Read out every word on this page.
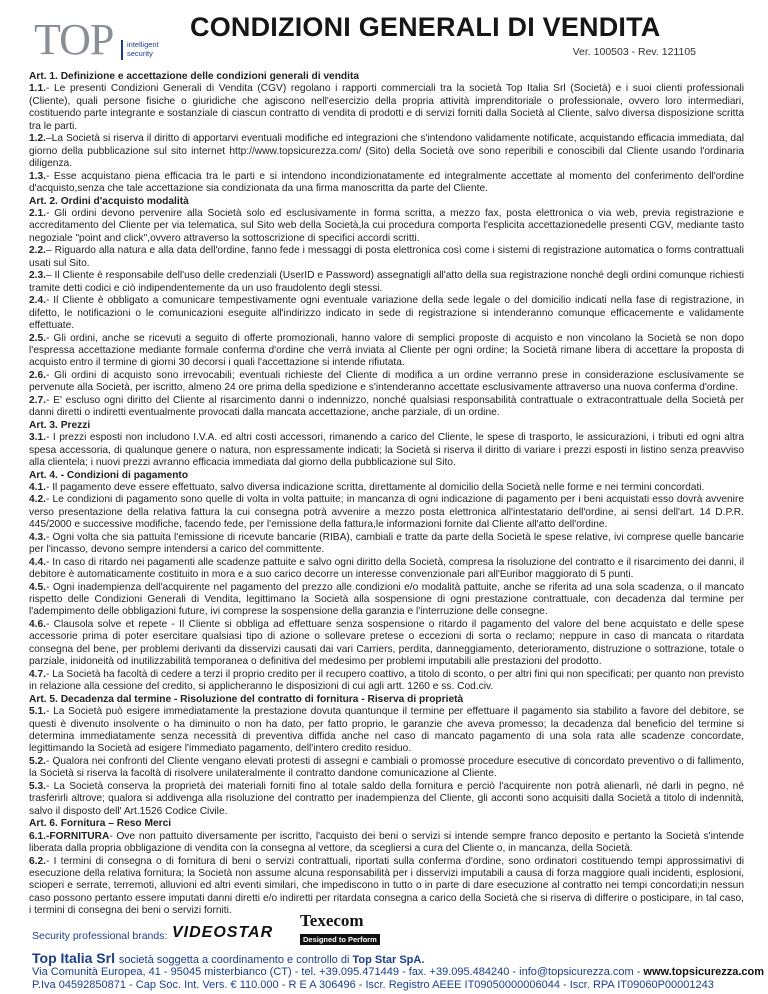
TOP intelligent
security
CONDIZIONI GENERALI DI VENDITA
Ver. 100503 - Rev. 121105

Art. 1. Definizione e accettazione delle condizioni generali di vendita

1.1.- Le presenti Condizioni Generali di Vendita (CGV) regolano i rapporti commerciali tra la società Top Italia Srl (Società) e i suoi clienti professionali (Cliente), quali persone fisiche o giuridiche che agiscono nell'esercizio della propria attività imprenditoriale o professionale, ovvero loro intermediari, costituendo parte integrante e sostanziale di ciascun contratto di vendita di prodotti e di servizi forniti dalla Società al Cliente, salvo diversa disposizione scritta tra le parti.

1.2.–La Società si riserva il diritto di apportarvi eventuali modifiche ed integrazioni che s'intendono validamente notificate, acquistando efficacia immediata, dal giorno della pubblicazione sul sito internet http://www.topsicurezza.com/ (Sito) della Società ove sono reperibili e conoscibili dal Cliente usando l'ordinaria diligenza.

1.3.- Esse acquistano piena efficacia tra le parti e si intendono incondizionatamente ed integralmente accettate al momento del conferimento dell'ordine d'acquisto,senza che tale accettazione sia condizionata da una firma manoscritta da parte del Cliente.

Art. 2. Ordini d'acquisto modalità

2.1.- Gli ordini devono pervenire alla Società solo ed esclusivamente in forma scritta, a mezzo fax, posta elettronica o via web, previa registrazione e accreditamento del Cliente per via telematica, sul Sito web della Società,la cui procedura comporta l'esplicita accettazionedelle presenti CGV, mediante tasto negoziale "point and click",ovvero attraverso la sottoscrizione di specifici accordi scritti.

2.2.– Riguardo alla natura e alla data dell'ordine, fanno fede i messaggi di posta elettronica così come i sistemi di registrazione automatica o forms contrattuali usati sul Sito.

2.3.– Il Cliente è responsabile dell'uso delle credenziali (UserID e Password) assegnatigli all'atto della sua registrazione nonché degli ordini comunque richiesti tramite detti codici e ciò indipendentemente da un uso fraudolento degli stessi.

2.4.- Il Cliente è obbligato a comunicare tempestivamente ogni eventuale variazione della sede legale o del domicilio indicati nella fase di registrazione, in difetto, le notificazioni o le comunicazioni eseguite all'indirizzo indicato in sede di registrazione si intenderanno comunque efficacemente e validamente effettuate.

2.5.- Gli ordini, anche se ricevuti a seguito di offerte promozionali, hanno valore di semplici proposte di acquisto e non vincolano la Società se non dopo l'espressa accettazione mediante formale conferma d'ordine che verrà inviata al Cliente per ogni ordine; la Società rimane libera di accettare la proposta di acquisto entro il termine di giorni 30 decorsi i quali l'accettazione si intende rifiutata.

2.6.- Gli ordini di acquisto sono irrevocabili; eventuali richieste del Cliente di modifica a un ordine verranno prese in considerazione esclusivamente se pervenute alla Società, per iscritto, almeno 24 ore prima della spedizione e s'intenderanno accettate esclusivamente attraverso una nuova conferma d'ordine.

2.7.- E' escluso ogni diritto del Cliente al risarcimento danni o indennizzo, nonché qualsiasi responsabilità contrattuale o extracontrattuale della Società per danni diretti o indiretti eventualmente provocati dalla mancata accettazione, anche parziale, di un ordine.

Art. 3. Prezzi

3.1.- I prezzi esposti non includono I.V.A. ed altri costi accessori, rimanendo a carico del Cliente, le spese di trasporto, le assicurazioni, i tributi ed ogni altra spesa accessoria, di qualunque genere o natura, non espressamente indicati; la Società si riserva il diritto di variare i prezzi esposti in listino senza preavviso alla clientela; i nuovi prezzi avranno efficacia immediata dal giorno della pubblicazione sul Sito.

Art. 4. - Condizioni di pagamento

4.1.- Il pagamento deve essere effettuato, salvo diversa indicazione scritta, direttamente al domicilio della Società nelle forme e nei termini concordati.

4.2.- Le condizioni di pagamento sono quelle di volta in volta pattuite; in mancanza di ogni indicazione di pagamento per i beni acquistati esso dovrà avvenire verso presentazione della relativa fattura la cui consegna potrà avvenire a mezzo posta elettronica all'intestatario dell'ordine, ai sensi dell'art. 14 D.P.R. 445/2000 e successive modifiche, facendo fede, per l'emissione della fattura,le informazioni fornite dal Cliente all'atto dell'ordine.

4.3.- Ogni volta che sia pattuita l'emissione di ricevute bancarie (RIBA), cambiali e tratte da parte della Società le spese relative, ivi comprese quelle bancarie per l'incasso, devono sempre intendersi a carico del committente.

4.4.- In caso di ritardo nei pagamenti alle scadenze pattuite e salvo ogni diritto della Società, compresa la risoluzione del contratto e il risarcimento dei danni, il debitore è automaticamente costituito in mora e a suo carico decorre un interesse convenzionale pari all'Euribor maggiorato di 5 punti.

4.5.- Ogni inadempienza dell'acquirente nel pagamento del prezzo alle condizioni e/o modalità pattuite, anche se riferita ad una sola scadenza, o il mancato rispetto delle Condizioni Generali di Vendita, legittimano la Società alla sospensione di ogni prestazione contrattuale, con decadenza dal termine per l'adempimento delle obbligazioni future, ivi comprese la sospensione della garanzia e l'interruzione delle consegne.

4.6.- Clausola solve et repete - Il Cliente si obbliga ad effettuare senza sospensione o ritardo il pagamento del valore del bene acquistato e delle spese accessorie prima di poter esercitare qualsiasi tipo di azione o sollevare pretese o eccezioni di sorta o reclamo; neppure in caso di mancata o ritardata consegna del bene, per problemi derivanti da disservizi causati dai vari Carriers, perdita, danneggiamento, deterioramento, distruzione o sottrazione, totale o parziale, inidoneità od inutilizzabilità temporanea o definitiva del medesimo per problemi imputabili alle prestazioni del prodotto.

4.7.- La Società ha facoltà di cedere a terzi il proprio credito per il recupero coattivo, a titolo di sconto, o per altri fini qui non specificati; per quanto non previsto in relazione alla cessione del credito, si applicheranno le disposizioni di cui agli artt. 1260 e ss. Cod.civ.

Art. 5. Decadenza dal termine - Risoluzione del contratto di fornitura - Riserva di proprietà

5.1.- La Società può esigere immediatamente la prestazione dovuta quantunque il termine per effettuare il pagamento sia stabilito a favore del debitore, se questi è divenuto insolvente o ha diminuito o non ha dato, per fatto proprio, le garanzie che aveva promesso; la decadenza dal beneficio del termine si determina immediatamente senza necessità di preventiva diffida anche nel caso di mancato pagamento di una sola rata alle scadenze concordate, legittimando la Società ad esigere l'immediato pagamento, dell'intero credito residuo.

5.2.- Qualora nei confronti del Cliente vengano elevati protesti di assegni e cambiali o promosse procedure esecutive di concordato preventivo o di fallimento, la Società si riserva la facoltà di risolvere unilateralmente il contratto dandone comunicazione al Cliente.

5.3.- La Società conserva la proprietà dei materiali forniti fino al totale saldo della fornitura e perciò l'acquirente non potrà alienarli, né darli in pegno, né trasferirli altrove; qualora si addivenga alla risoluzione del contratto per inadempienza del Cliente, gli acconti sono acquisiti dalla Società a titolo di indennità, salvo il disposto dell' Art.1526 Codice Civile.

Art. 6. Fornitura – Reso Merci

6.1.-FORNITURA- Ove non pattuito diversamente per iscritto, l'acquisto dei beni o servizi si intende sempre franco deposito e pertanto la Società s'intende liberata dalla propria obbligazione di vendita con la consegna al vettore, da scegliersi a cura del Cliente o, in mancanza, della Società.

6.2.- I termini di consegna o di fornitura di beni o servizi contrattuali, riportati sulla conferma d'ordine, sono ordinatori costituendo tempi approssimativi di esecuzione della relativa fornitura; la Società non assume alcuna responsabilità per i disservizi imputabili a causa di forza maggiore quali incidenti, esplosioni, scioperi e serrate, terremoti, alluvioni ed altri eventi similari, che impediscono in tutto o in parte di dare esecuzione al contratto nei tempi concordati;in nessun caso possono pertanto essere imputati danni diretti e/o indiretti per ritardata consegna a carico della Società che si riserva di differire o posticipare, in tal caso, i termini di consegna dei beni o servizi forniti.

Security professional brands: VIDEOSTAR
Texecom
Designed to Perform
Top Italia Srl società soggetta a coordinamento e controllo di Top Star SpA.
Via Comunità Europea, 41 - 95045 misterbianco (CT) - tel. +39.095.471449 - fax. +39.095.484240 - info@topsicurezza.com - www.topsicurezza.com
P.Iva 04592850871 - Cap Soc. Int. Vers. € 110.000 - R E A 306496 - Iscr. Registro AEEE IT09050000006044 - Iscr. RPA IT09060P00001243
